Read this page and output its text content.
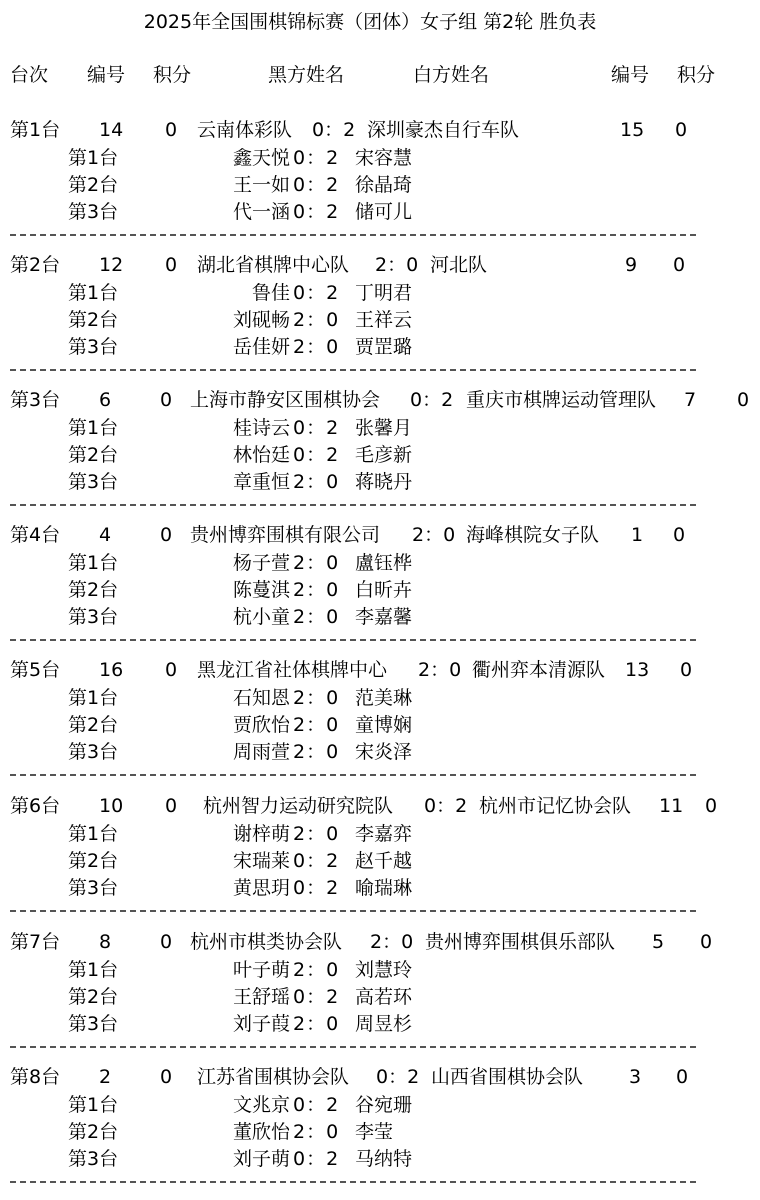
2025年全国围棋锦标赛（团体）女子组 第2轮 胜负表
台次 编号 积分	黑方姓名	白方姓名	编号 积分
第1台 14 0 云南体彩队 0：2 深圳豪杰自行车队	15 0
第1台	鑫天悦 0：2 宋容慧
第2台	王一如 0：2 徐晶琦
第3台	代一涵 0：2 储可儿
第2台 12 0 湖北省棋牌中心队 2：0 河北队	9 0
第1台	鲁佳 0：2 丁明君
第2台	刘砚畅 2：0 王祥云
第3台	岳佳妍 2：0 贾罡璐
第3台 6	0 上海市静安区围棋协会 0：2 重庆市棋牌运动管理队 7 0
第1台	桂诗云 0：2 张馨月
第2台	林怡廷 0：2 毛彦新
第3台	章重恒 2：0 蒋晓丹
第4台 4	0 贵州博弈围棋有限公司 2：0 海峰棋院女子队 1 0
第1台	杨子萱 2：0 盧钰桦
第2台	陈蔓淇 2：0 白昕卉
第3台	杭小童 2：0 李嘉馨
第5台 16 0 黑龙江省社体棋牌中心 2：0 衢州弈本清源队 13 0
第1台	石知恩 2：0 范美琳
第2台	贾欣怡 2：0 童博娴
第3台	周雨萱 2：0 宋炎泽
第6台 10 0 杭州智力运动研究院队 0：2 杭州市记忆协会队 11 0
第1台	谢梓萌 2：0 李嘉弈
第2台	宋瑞莱 0：2 赵千越
第3台	黄思玥 0：2 喻瑞琳
第7台 8	0 杭州市棋类协会队 2：0 贵州博弈围棋俱乐部队 5 0
第1台	叶子萌 2：0 刘慧玲
第2台	王舒瑶 0：2 高若环
第3台	刘子葭 2：0 周昱杉
第8台 2	0 江苏省围棋协会队 0：2 山西省围棋协会队 3 0
第1台	文兆京 0：2 谷宛珊
第2台	董欣怡 2：0 李莹
第3台	刘子萌 0：2 马纳特
